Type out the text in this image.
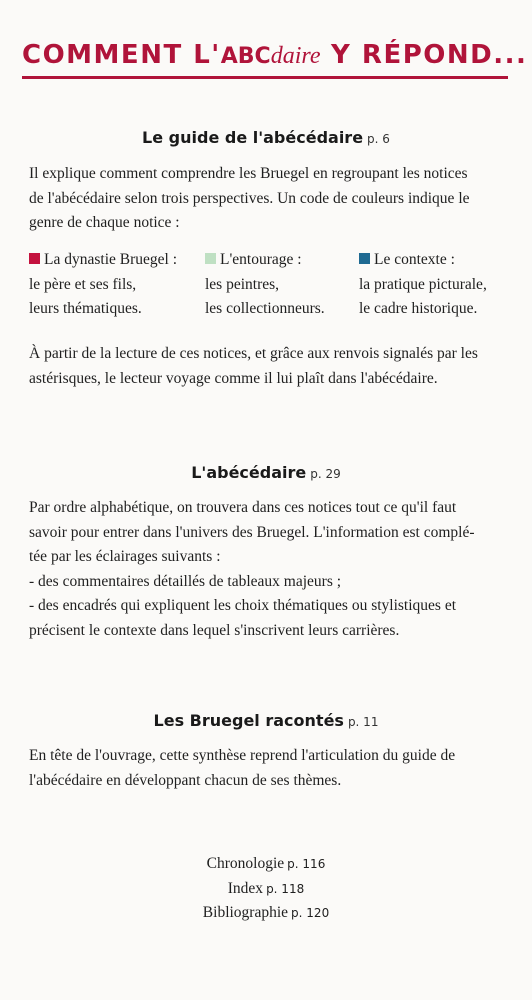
COMMENT L'ABCdaire Y RÉPOND...
Le guide de l'abécédaire p. 6

Il explique comment comprendre les Bruegel en regroupant les notices

de l'abécédaire selon trois perspectives. Un code de couleurs indique le

genre de chaque notice :

La dynastie Bruegel :
le père et ses fils,
leurs thématiques.
L'entourage :
les peintres,
les collectionneurs.
Le contexte :
la pratique picturale,
le cadre historique.

À partir de la lecture de ces notices, et grâce aux renvois signalés par les

astérisques, le lecteur voyage comme il lui plaît dans l'abécédaire.

L'abécédaire p. 29

Par ordre alphabétique, on trouvera dans ces notices tout ce qu'il faut

savoir pour entrer dans l'univers des Bruegel. L'information est complé-

tée par les éclairages suivants :

- des commentaires détaillés de tableaux majeurs ;

- des encadrés qui expliquent les choix thématiques ou stylistiques et

précisent le contexte dans lequel s'inscrivent leurs carrières.

Les Bruegel racontés p. 11

En tête de l'ouvrage, cette synthèse reprend l'articulation du guide de

l'abécédaire en développant chacun de ses thèmes.

Chronologie p. 116
Index p. 118
Bibliographie p. 120
